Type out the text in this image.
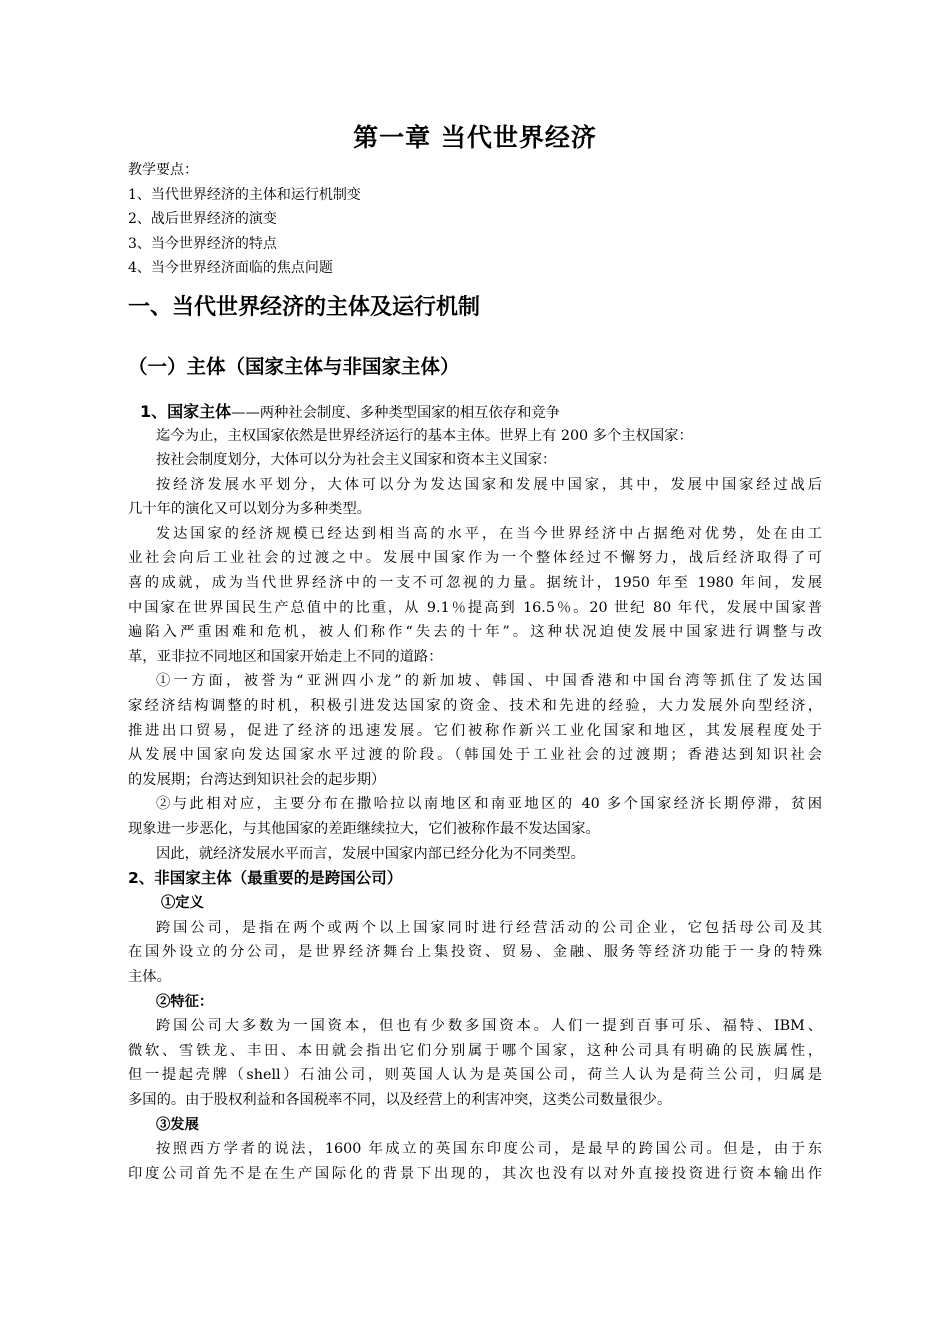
第一章 当代世界经济
教学要点：
1、当代世界经济的主体和运行机制变
2、战后世界经济的演变
3、当今世界经济的特点
4、当今世界经济面临的焦点问题
一、当代世界经济的主体及运行机制
（一）主体（国家主体与非国家主体）
1、国家主体——两种社会制度、多种类型国家的相互依存和竞争
迄今为止，主权国家依然是世界经济运行的基本主体。世界上有 200 多个主权国家：
按社会制度划分，大体可以分为社会主义国家和资本主义国家：
按经济发展水平划分，大体可以分为发达国家和发展中国家，其中，发展中国家经过战后
几十年的演化又可以划分为多种类型。
发达国家的经济规模已经达到相当高的水平，在当今世界经济中占据绝对优势，处在由工
业社会向后工业社会的过渡之中。发展中国家作为一个整体经过不懈努力，战后经济取得了可
喜的成就，成为当代世界经济中的一支不可忽视的力量。据统计，1950 年至 1980 年间，发展
中国家在世界国民生产总值中的比重，从 9.1％提高到 16.5％。20 世纪 80 年代，发展中国家普
遍陷入严重困难和危机，被人们称作“失去的十年”。这种状况迫使发展中国家进行调整与改
革，亚非拉不同地区和国家开始走上不同的道路：
①一方面，被誉为“亚洲四小龙”的新加坡、韩国、中国香港和中国台湾等抓住了发达国
家经济结构调整的时机，积极引进发达国家的资金、技术和先进的经验，大力发展外向型经济，
推进出口贸易，促进了经济的迅速发展。它们被称作新兴工业化国家和地区，其发展程度处于
从发展中国家向发达国家水平过渡的阶段。（韩国处于工业社会的过渡期；香港达到知识社会
的发展期；台湾达到知识社会的起步期）
②与此相对应，主要分布在撒哈拉以南地区和南亚地区的 40 多个国家经济长期停滞，贫困
现象进一步恶化，与其他国家的差距继续拉大，它们被称作最不发达国家。
因此，就经济发展水平而言，发展中国家内部已经分化为不同类型。
2、非国家主体（最重要的是跨国公司）
①定义
跨国公司，是指在两个或两个以上国家同时进行经营活动的公司企业，它包括母公司及其
在国外设立的分公司，是世界经济舞台上集投资、贸易、金融、服务等经济功能于一身的特殊
主体。
②特征：
跨国公司大多数为一国资本，但也有少数多国资本。人们一提到百事可乐、福特、IBM、
微软、雪铁龙、丰田、本田就会指出它们分别属于哪个国家，这种公司具有明确的民族属性，
但一提起壳牌（shell）石油公司，则英国人认为是英国公司，荷兰人认为是荷兰公司，归属是
多国的。由于股权利益和各国税率不同，以及经营上的利害冲突，这类公司数量很少。
③发展
按照西方学者的说法，1600 年成立的英国东印度公司，是最早的跨国公司。但是，由于东
印度公司首先不是在生产国际化的背景下出现的，其次也没有以对外直接投资进行资本输出作
